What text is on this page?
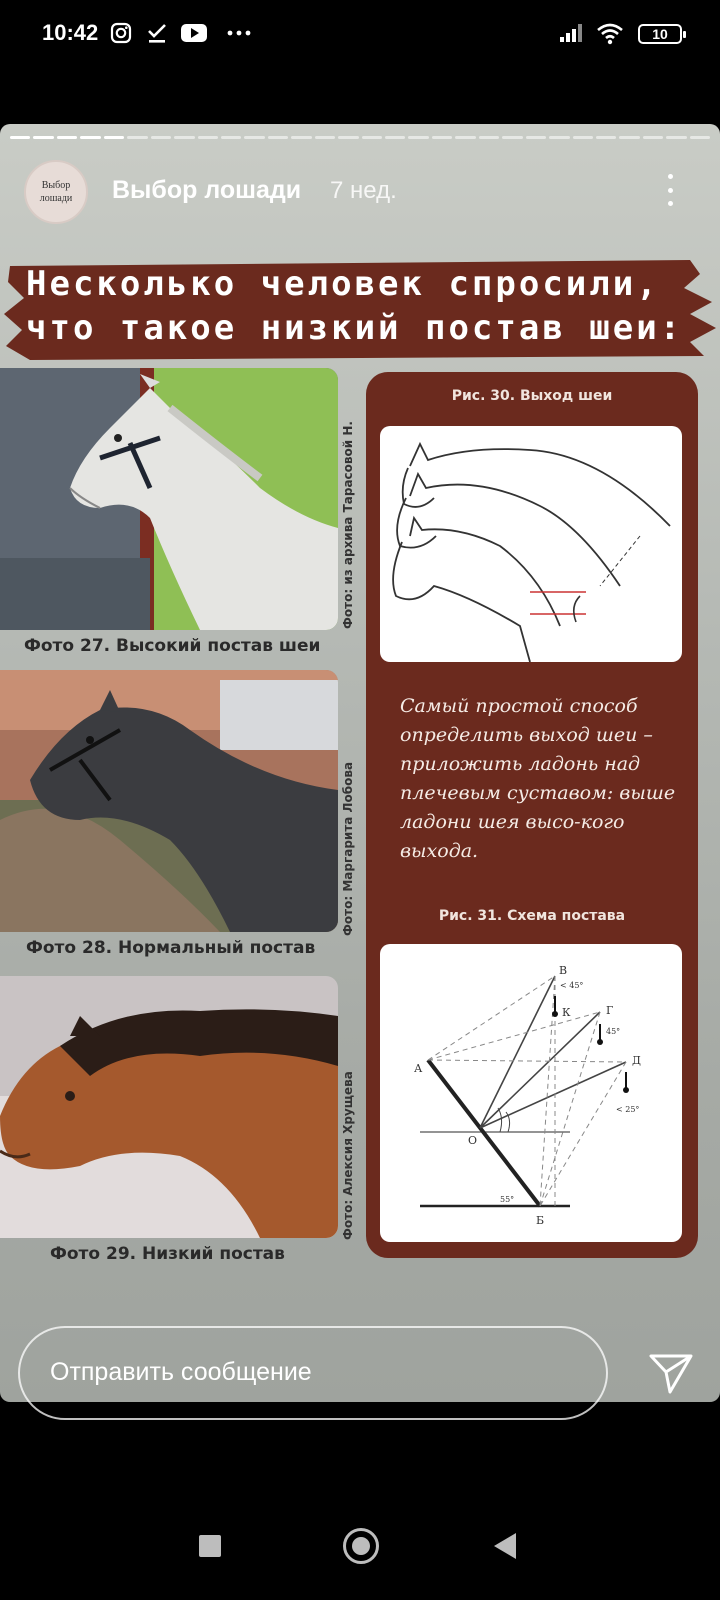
10:42	10
Выбор лошади	Выбор лошади 7 нед.
Несколько человек спросили,
что такое низкий постав шеи:
Фото 27. Высокий постав шеи
Фото: из архива Тарасовой Н.
Фото 28. Нормальный постав
Фото: Маргарита Лобова
Фото 29. Низкий постав
Фото: Алексия Хрущева
Рис. 30. Выход шеи
Самый простой способ определить выход шеи – приложить ладонь над плечевым суставом: выше ладони шея высо-кого выхода.
Рис. 31. Схема постава
А
В
К	Г
Д
О
Б
< 45°
45°
< 25°
55°
Отправить сообщение
